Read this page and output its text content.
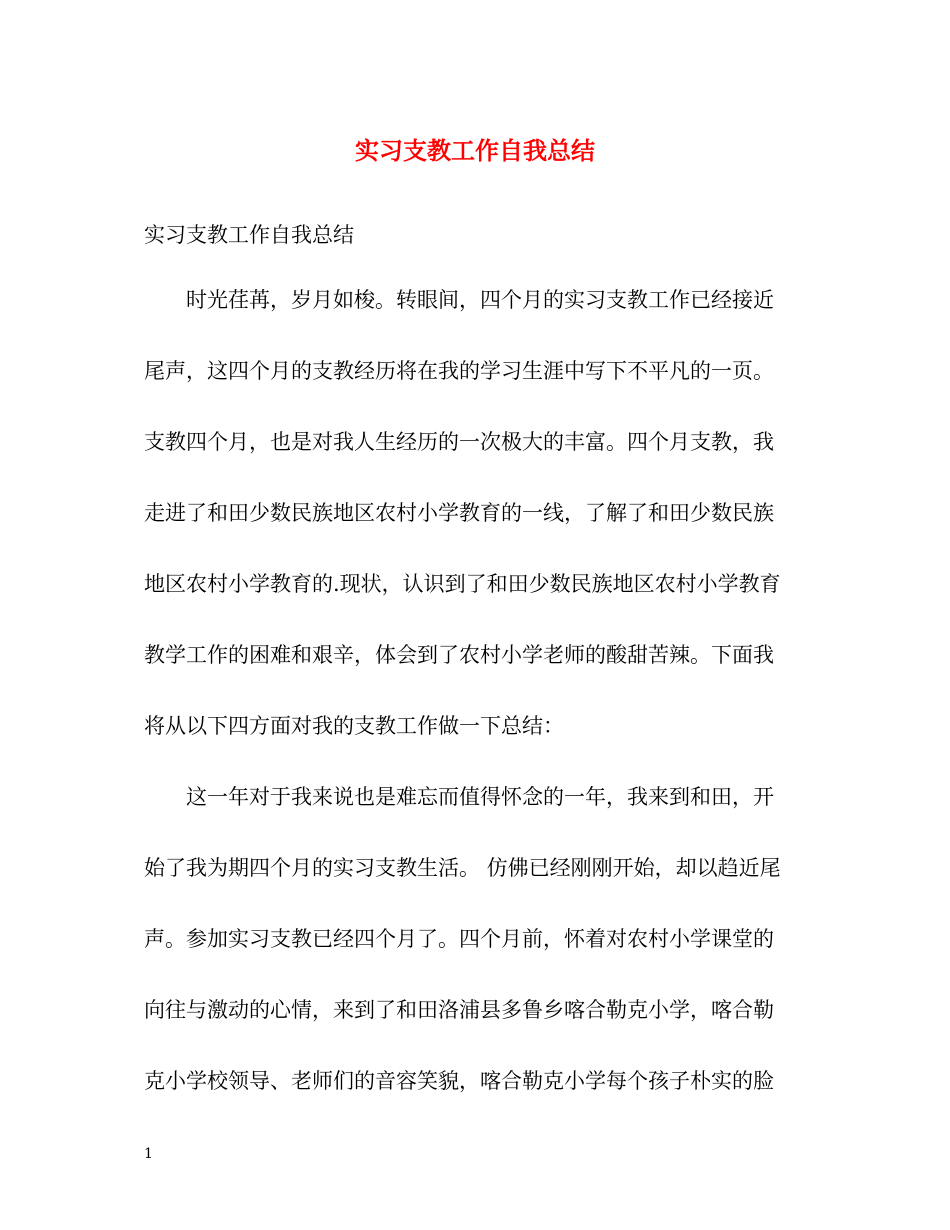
实习支教工作自我总结
实习支教工作自我总结
时光荏苒，岁月如梭。转眼间，四个月的实习支教工作已经接近
尾声，这四个月的支教经历将在我的学习生涯中写下不平凡的一页。
支教四个月，也是对我人生经历的一次极大的丰富。四个月支教，我
走进了和田少数民族地区农村小学教育的一线，了解了和田少数民族
地区农村小学教育的.现状，认识到了和田少数民族地区农村小学教育
教学工作的困难和艰辛，体会到了农村小学老师的酸甜苦辣。下面我
将从以下四方面对我的支教工作做一下总结：
这一年对于我来说也是难忘而值得怀念的一年，我来到和田，开
始了我为期四个月的实习支教生活。 仿佛已经刚刚开始，却以趋近尾
声。参加实习支教已经四个月了。四个月前，怀着对农村小学课堂的
向往与激动的心情，来到了和田洛浦县多鲁乡喀合勒克小学，喀合勒
克小学校领导、老师们的音容笑貌，喀合勒克小学每个孩子朴实的脸
1
